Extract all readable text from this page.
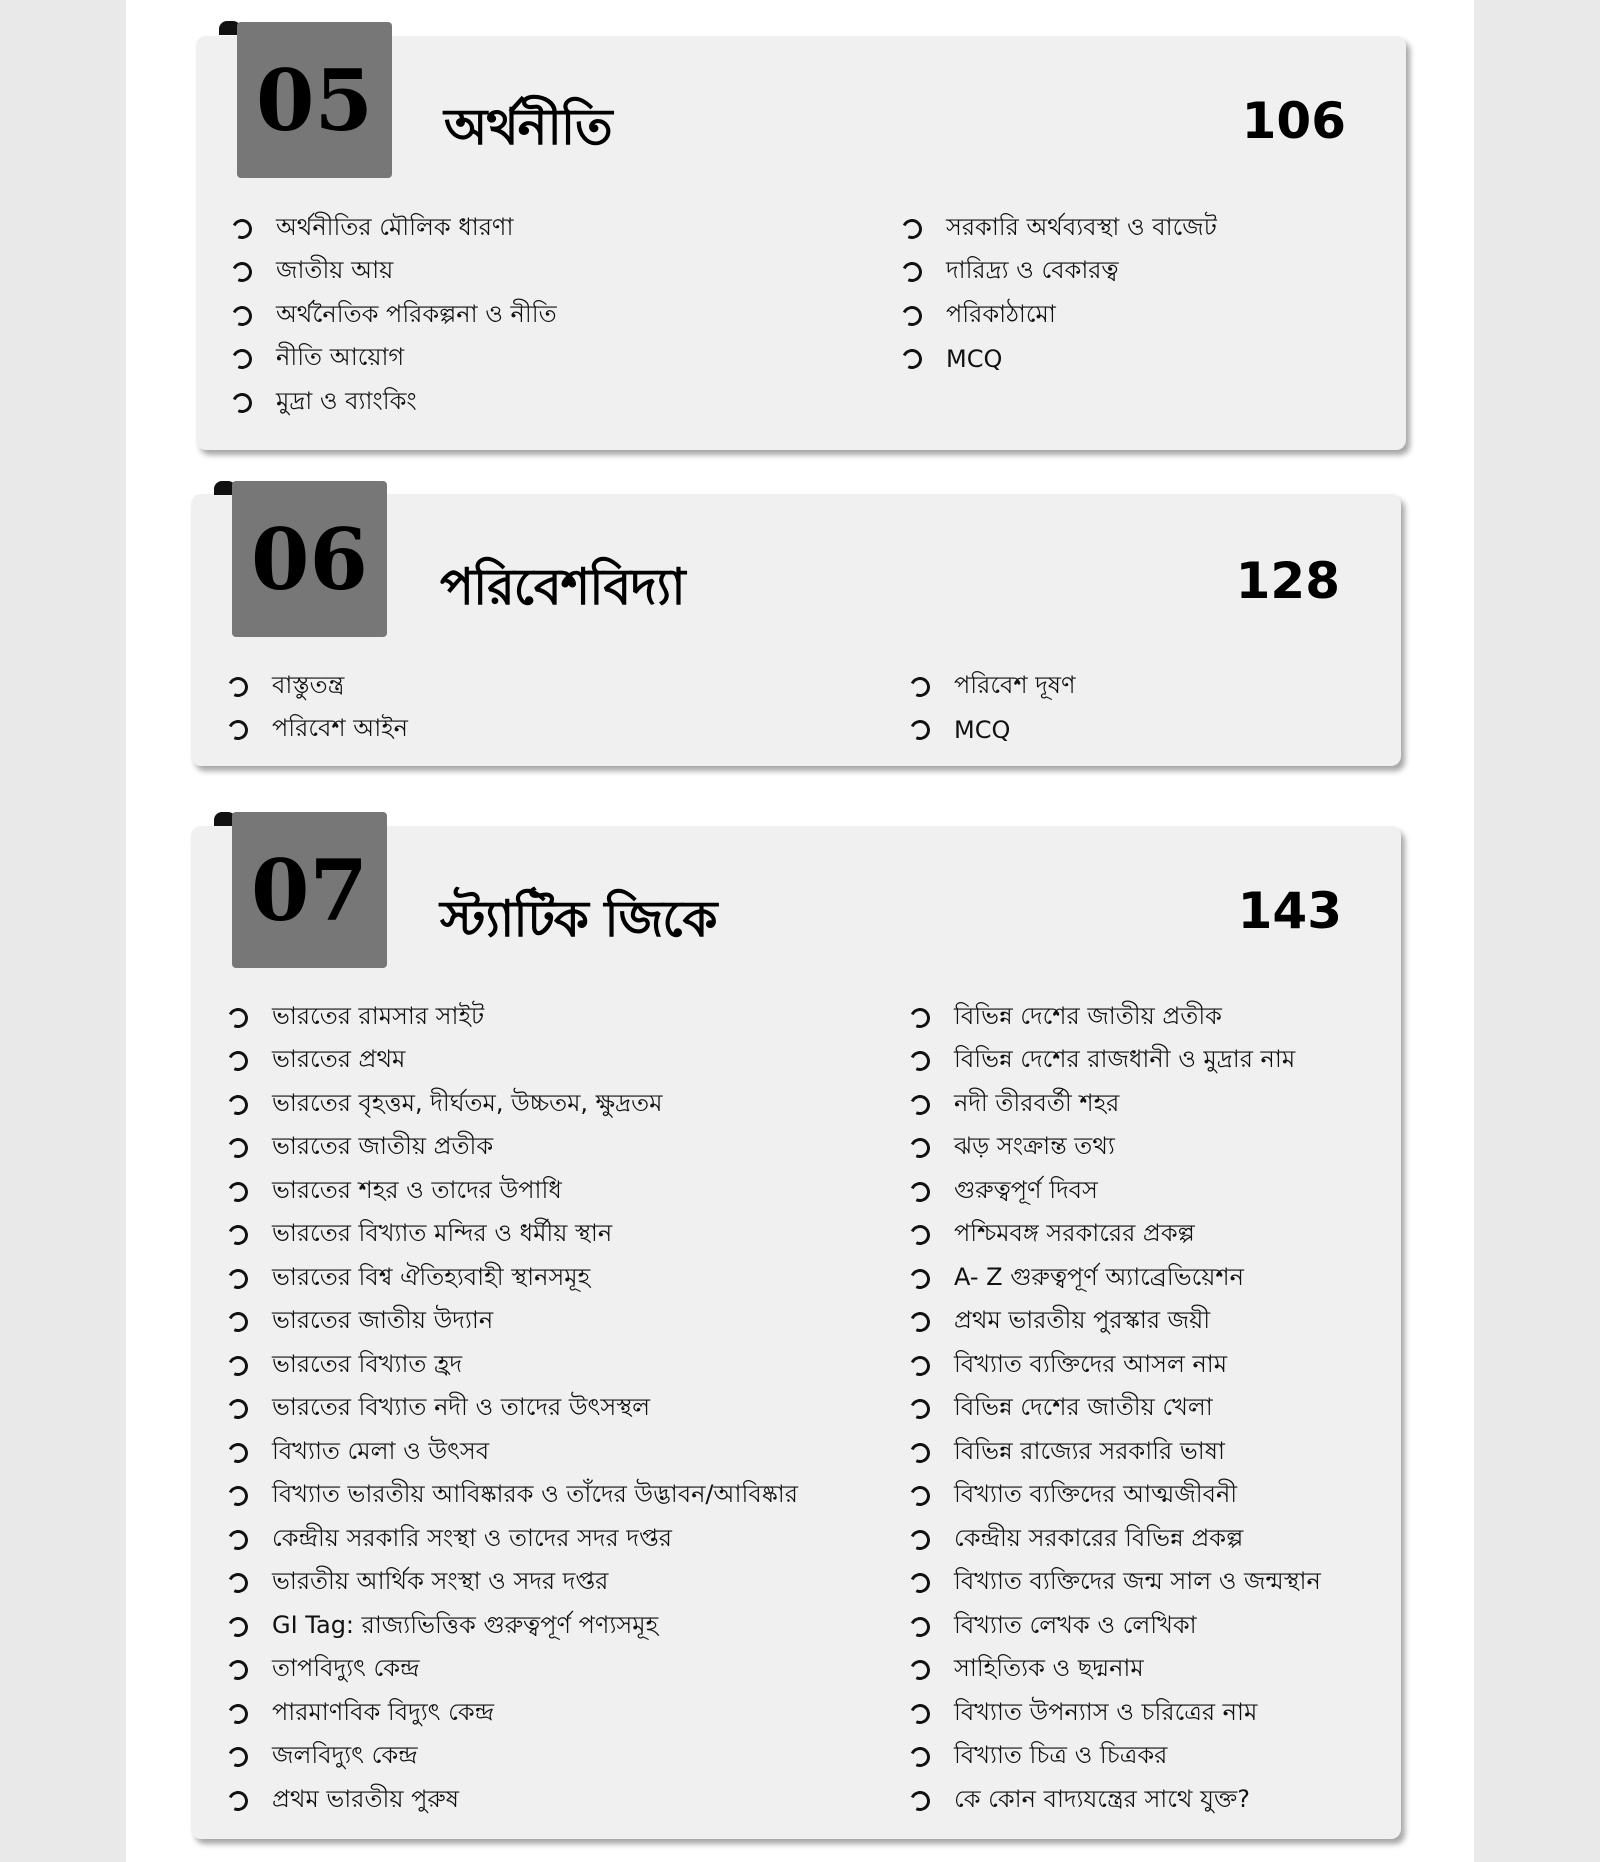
05	অর্থনীতি	106
অর্থনীতির মৌলিক ধারণা
জাতীয় আয়
অর্থনৈতিক পরিকল্পনা ও নীতি
নীতি আয়োগ
মুদ্রা ও ব্যাংকিং
সরকারি অর্থব্যবস্থা ও বাজেট
দারিদ্র্য ও বেকারত্ব
পরিকাঠামো
MCQ
06	পরিবেশবিদ্যা	128
বাস্তুতন্ত্র
পরিবেশ আইন
পরিবেশ দূষণ
MCQ
07	স্ট্যাটিক জিকে	143
ভারতের রামসার সাইট
ভারতের প্রথম
ভারতের বৃহত্তম, দীর্ঘতম, উচ্চতম, ক্ষুদ্রতম
ভারতের জাতীয় প্রতীক
ভারতের শহর ও তাদের উপাধি
ভারতের বিখ্যাত মন্দির ও ধর্মীয় স্থান
ভারতের বিশ্ব ঐতিহ্যবাহী স্থানসমূহ
ভারতের জাতীয় উদ্যান
ভারতের বিখ্যাত হ্রদ
ভারতের বিখ্যাত নদী ও তাদের উৎসস্থল
বিখ্যাত মেলা ও উৎসব
বিখ্যাত ভারতীয় আবিষ্কারক ও তাঁদের উদ্ভাবন/আবিষ্কার
কেন্দ্রীয় সরকারি সংস্থা ও তাদের সদর দপ্তর
ভারতীয় আর্থিক সংস্থা ও সদর দপ্তর
GI Tag: রাজ্যভিত্তিক গুরুত্বপূর্ণ পণ্যসমূহ
তাপবিদ্যুৎ কেন্দ্র
পারমাণবিক বিদ্যুৎ কেন্দ্র
জলবিদ্যুৎ কেন্দ্র
প্রথম ভারতীয় পুরুষ
বিভিন্ন দেশের জাতীয় প্রতীক
বিভিন্ন দেশের রাজধানী ও মুদ্রার নাম
নদী তীরবর্তী শহর
ঝড় সংক্রান্ত তথ্য
গুরুত্বপূর্ণ দিবস
পশ্চিমবঙ্গ সরকারের প্রকল্প
A- Z গুরুত্বপূর্ণ অ্যাব্রেভিয়েশন
প্রথম ভারতীয় পুরস্কার জয়ী
বিখ্যাত ব্যক্তিদের আসল নাম
বিভিন্ন দেশের জাতীয় খেলা
বিভিন্ন রাজ্যের সরকারি ভাষা
বিখ্যাত ব্যক্তিদের আত্মজীবনী
কেন্দ্রীয় সরকারের বিভিন্ন প্রকল্প
বিখ্যাত ব্যক্তিদের জন্ম সাল ও জন্মস্থান
বিখ্যাত লেখক ও লেখিকা
সাহিত্যিক ও ছদ্মনাম
বিখ্যাত উপন্যাস ও চরিত্রের নাম
বিখ্যাত চিত্র ও চিত্রকর
কে কোন বাদ্যযন্ত্রের সাথে যুক্ত?
